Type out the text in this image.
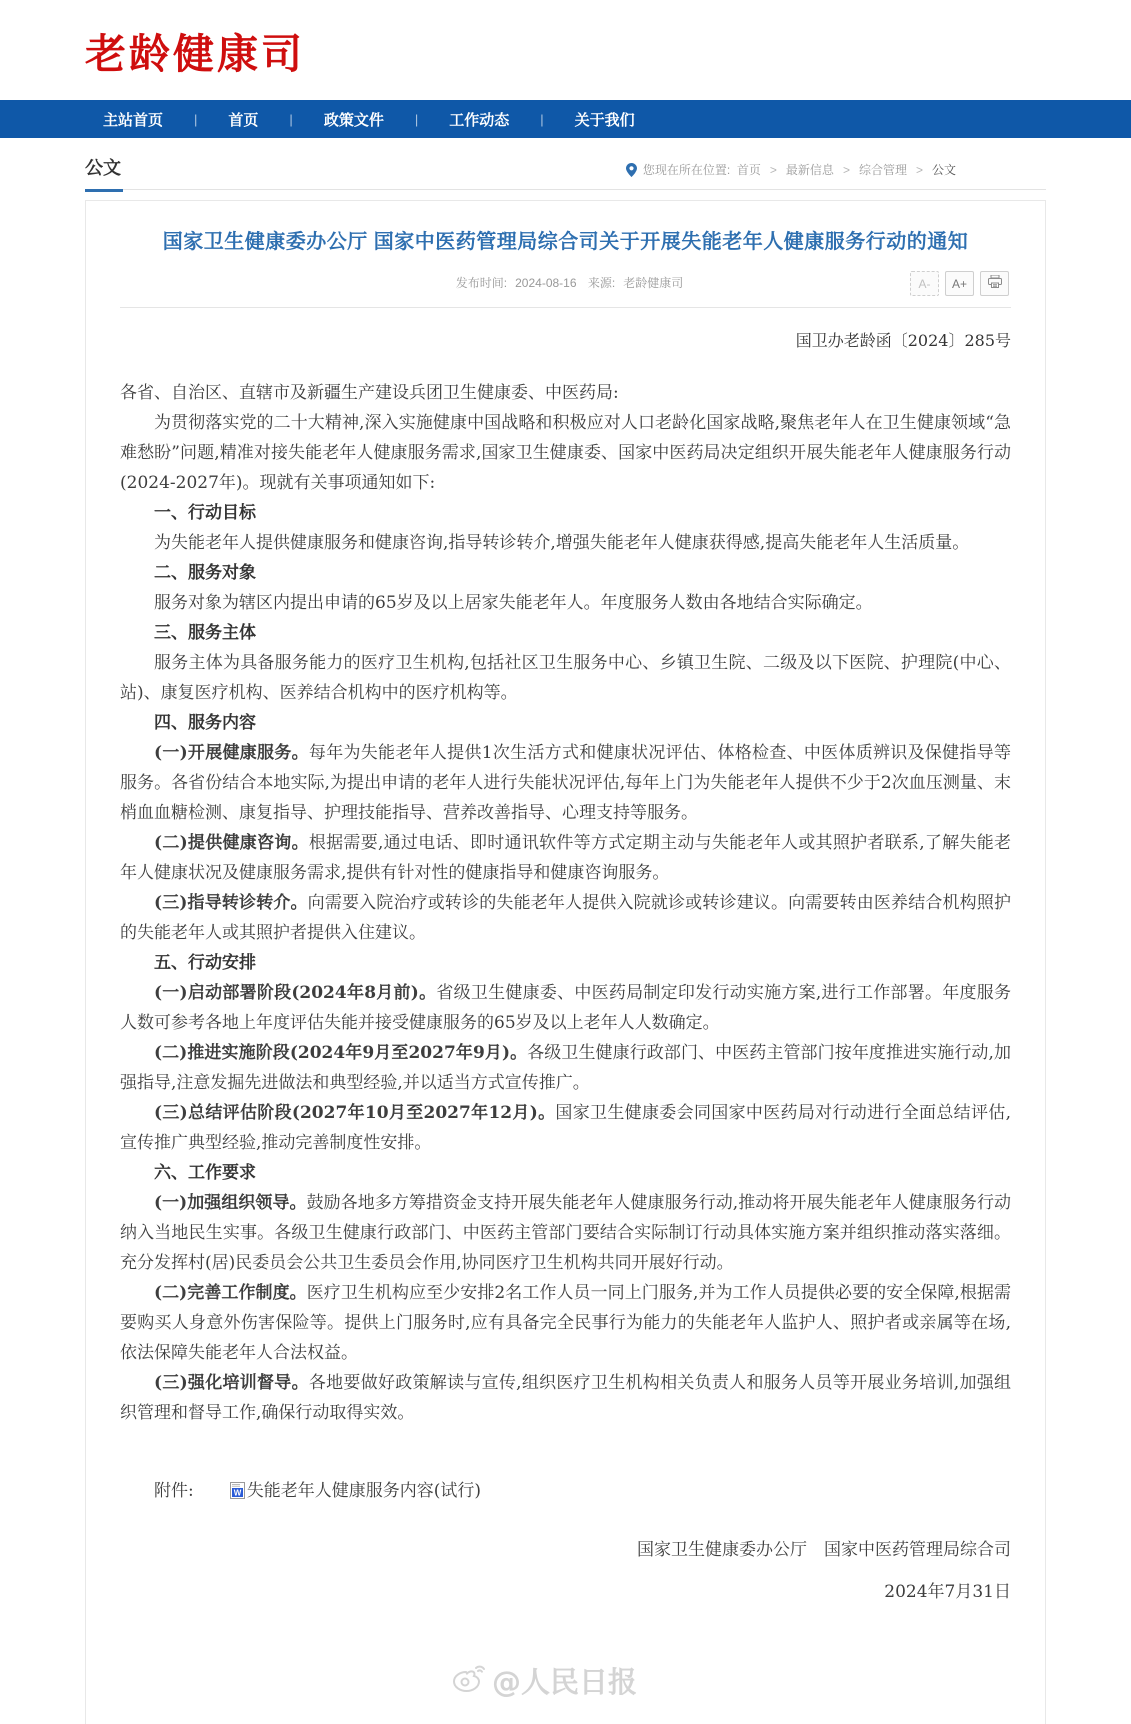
老龄健康司
主站首页 | 首页 | 政策文件 | 工作动态 | 关于我们
公文	您现在所在位置:
首页 > 最新信息 > 综合管理 > 公文
国家卫生健康委办公厅 国家中医药管理局综合司关于开展失能老年人健康服务行动的通知
发布时间: 2024-08-16 来源: 老龄健康司	A-	A+
国卫办老龄函〔2024〕285号

各省、自治区、直辖市及新疆生产建设兵团卫生健康委、中医药局:

为贯彻落实党的二十大精神,深入实施健康中国战略和积极应对人口老龄化国家战略,聚焦老年人在卫生健康领域“急难愁盼”问题,精准对接失能老年人健康服务需求,国家卫生健康委、国家中医药局决定组织开展失能老年人健康服务行动(2024-2027年)。现就有关事项通知如下:

一、行动目标

为失能老年人提供健康服务和健康咨询,指导转诊转介,增强失能老年人健康获得感,提高失能老年人生活质量。

二、服务对象

服务对象为辖区内提出申请的65岁及以上居家失能老年人。年度服务人数由各地结合实际确定。

三、服务主体

服务主体为具备服务能力的医疗卫生机构,包括社区卫生服务中心、乡镇卫生院、二级及以下医院、护理院(中心、站)、康复医疗机构、医养结合机构中的医疗机构等。

四、服务内容

(一)开展健康服务。每年为失能老年人提供1次生活方式和健康状况评估、体格检查、中医体质辨识及保健指导等服务。各省份结合本地实际,为提出申请的老年人进行失能状况评估,每年上门为失能老年人提供不少于2次血压测量、末梢血血糖检测、康复指导、护理技能指导、营养改善指导、心理支持等服务。

(二)提供健康咨询。根据需要,通过电话、即时通讯软件等方式定期主动与失能老年人或其照护者联系,了解失能老年人健康状况及健康服务需求,提供有针对性的健康指导和健康咨询服务。

(三)指导转诊转介。向需要入院治疗或转诊的失能老年人提供入院就诊或转诊建议。向需要转由医养结合机构照护的失能老年人或其照护者提供入住建议。

五、行动安排

(一)启动部署阶段(2024年8月前)。省级卫生健康委、中医药局制定印发行动实施方案,进行工作部署。年度服务人数可参考各地上年度评估失能并接受健康服务的65岁及以上老年人人数确定。

(二)推进实施阶段(2024年9月至2027年9月)。各级卫生健康行政部门、中医药主管部门按年度推进实施行动,加强指导,注意发掘先进做法和典型经验,并以适当方式宣传推广。

(三)总结评估阶段(2027年10月至2027年12月)。国家卫生健康委会同国家中医药局对行动进行全面总结评估,宣传推广典型经验,推动完善制度性安排。

六、工作要求

(一)加强组织领导。鼓励各地多方筹措资金支持开展失能老年人健康服务行动,推动将开展失能老年人健康服务行动纳入当地民生实事。各级卫生健康行政部门、中医药主管部门要结合实际制订行动具体实施方案并组织推动落实落细。充分发挥村(居)民委员会公共卫生委员会作用,协同医疗卫生机构共同开展好行动。

(二)完善工作制度。医疗卫生机构应至少安排2名工作人员一同上门服务,并为工作人员提供必要的安全保障,根据需要购买人身意外伤害保险等。提供上门服务时,应有具备完全民事行为能力的失能老年人监护人、照护者或亲属等在场,依法保障失能老年人合法权益。

(三)强化培训督导。各地要做好政策解读与宣传,组织医疗卫生机构相关负责人和服务人员等开展业务培训,加强组织管理和督导工作,确保行动取得实效。

附件:	W 失能老年人健康服务内容(试行)
国家卫生健康委办公厅　国家中医药管理局综合司
2024年7月31日
@人民日报
